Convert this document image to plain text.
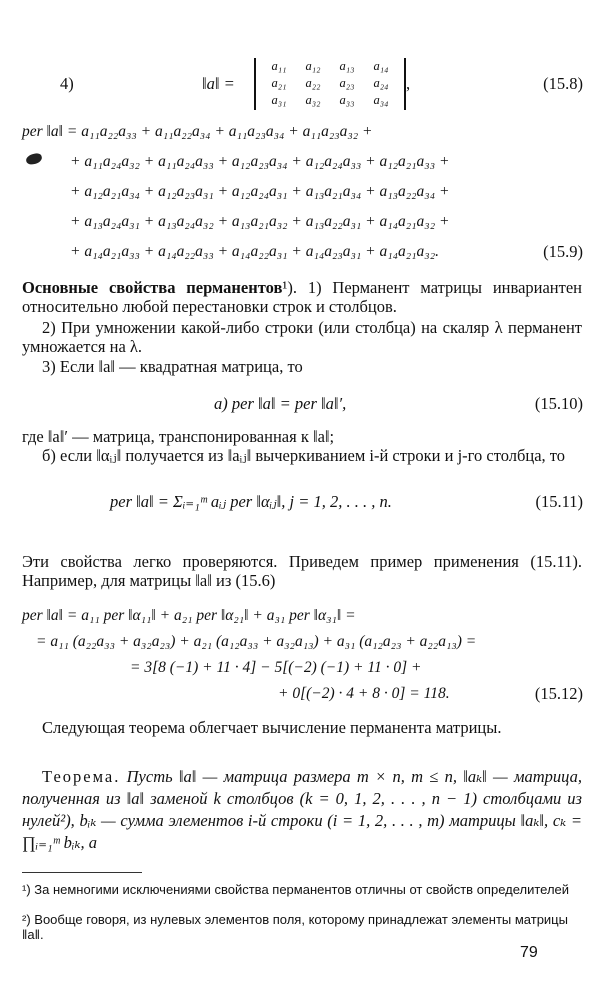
4)	‖a‖ =
a₁₁ a₁₂ a₁₃ a₁₄
a₂₁ a₂₂ a₂₃ a₂₄
a₃₁ a₃₂ a₃₃ a₃₄
,	(15.8)
per ‖a‖ = a₁₁a₂₂a₃₃ + a₁₁a₂₂a₃₄ + a₁₁a₂₃a₃₄ + a₁₁a₂₃a₃₂ +
+ a₁₁a₂₄a₃₂ + a₁₁a₂₄a₃₃ + a₁₂a₂₃a₃₄ + a₁₂a₂₄a₃₃ + a₁₂a₂₁a₃₃ +
+ a₁₂a₂₁a₃₄ + a₁₂a₂₃a₃₁ + a₁₂a₂₄a₃₁ + a₁₃a₂₁a₃₄ + a₁₃a₂₂a₃₄ +
+ a₁₃a₂₄a₃₁ + a₁₃a₂₄a₃₂ + a₁₃a₂₁a₃₂ + a₁₃a₂₂a₃₁ + a₁₄a₂₁a₃₂ +
+ a₁₄a₂₁a₃₃ + a₁₄a₂₂a₃₃ + a₁₄a₂₂a₃₁ + a₁₄a₂₃a₃₁ + a₁₄a₂₁a₃₂.	(15.9)
Основные свойства перманентов¹). 1) Перманент матрицы инвариантен относительно любой перестановки строк и столбцов.
2) При умножении какой-либо строки (или столбца) на скаляр λ перманент умножается на λ.
3) Если ‖a‖ — квадратная матрица, то
а) per ‖a‖ = per ‖a‖′,	(15.10)
где ‖a‖′ — матрица, транспонированная к ‖a‖;
б) если ‖αᵢⱼ‖ получается из ‖aᵢⱼ‖ вычеркиванием i-й строки и j-го столбца, то
per ‖a‖ = Σᵢ₌₁ᵐ aᵢⱼ per ‖αᵢⱼ‖, j = 1, 2, . . . , n.	(15.11)
Эти свойства легко проверяются. Приведем пример применения (15.11). Например, для матрицы ‖a‖ из (15.6)
per ‖a‖ = a₁₁ per ‖α₁₁‖ + a₂₁ per ‖α₂₁‖ + a₃₁ per ‖α₃₁‖ =
= a₁₁ (a₂₂a₃₃ + a₃₂a₂₃) + a₂₁ (a₁₂a₃₃ + a₃₂a₁₃) + a₃₁ (a₁₂a₂₃ + a₂₂a₁₃) =
= 3[8 (−1) + 11 · 4] − 5[(−2) (−1) + 11 · 0] +
+ 0[(−2) · 4 + 8 · 0] = 118.	(15.12)
Следующая теорема облегчает вычисление перманента матрицы.
Теорема. Пусть ‖a‖ — матрица размера m × n, m ≤ n, ‖aₖ‖ — матрица, полученная из ‖a‖ заменой k столбцов (k = 0, 1, 2, . . . , n − 1) столбцами из нулей²), bᵢₖ — сумма элементов i-й строки (i = 1, 2, . . . , m) матрицы ‖aₖ‖, cₖ = ∏ᵢ₌₁ᵐ bᵢₖ, а
¹) За немногими исключениями свойства перманентов отличны от свойств определителей
²) Вообще говоря, из нулевых элементов поля, которому принадлежат элементы матрицы ‖a‖.
79
